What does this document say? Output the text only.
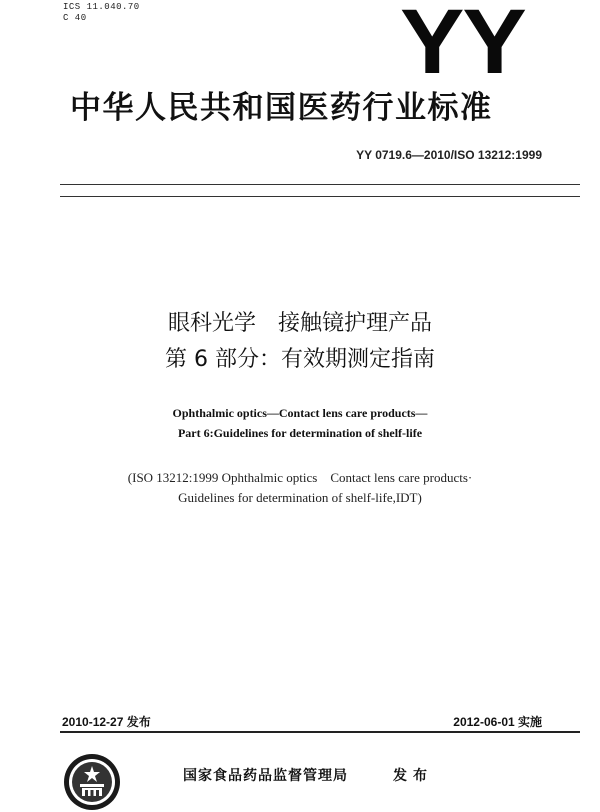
ICS 11.040.70
C 40	YY
中华人民共和国医药行业标准
YY 0719.6—2010/ISO 13212:1999
眼科光学　接触镜护理产品
第 6 部分：有效期测定指南
Ophthalmic optics—Contact lens care products—
Part 6:Guidelines for determination of shelf-life
(ISO 13212:1999 Ophthalmic optics　Contact lens care products·
Guidelines for determination of shelf-life,IDT)
2010-12-27 发布	2012-06-01 实施
国家食品药品监督管理局	发布
